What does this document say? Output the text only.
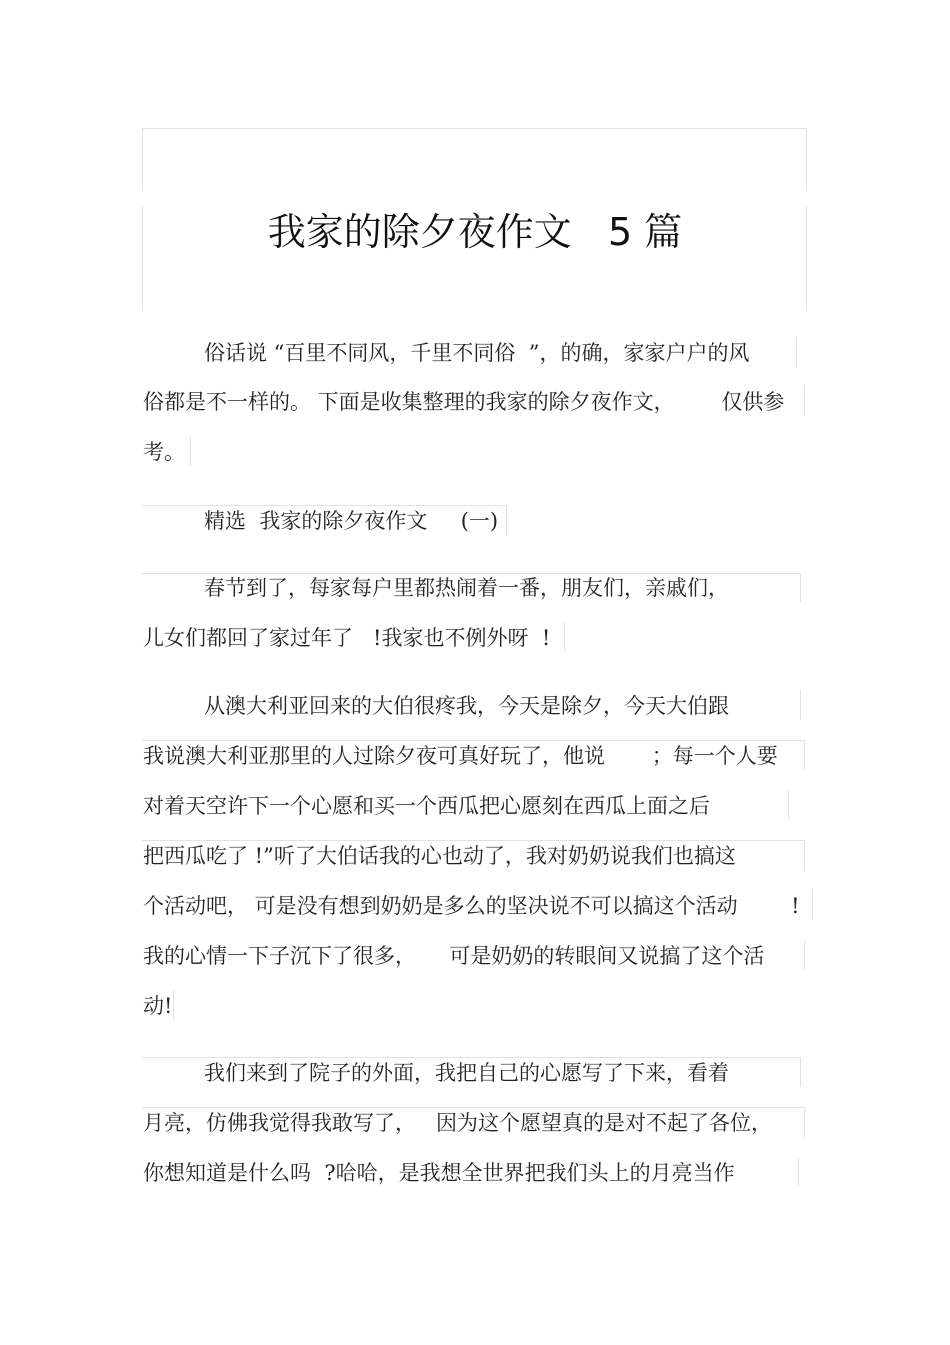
我家的除夕夜作文   5 篇
俗话说 “百里不同风，千里不同俗  ”，的确，家家户户的风
俗都是不一样的。 下面是收集整理的我家的除夕夜作文，       仅供参
考。
精选  我家的除夕夜作文     (一)
春节到了，每家每户里都热闹着一番，朋友们，亲戚们，
儿女们都回了家过年了   !我家也不例外呀  !
从澳大利亚回来的大伯很疼我，今天是除夕，今天大伯跟
我说澳大利亚那里的人过除夕夜可真好玩了，他说       ；每一个人要
对着天空许下一个心愿和买一个西瓜把心愿刻在西瓜上面之后
把西瓜吃了 !”听了大伯话我的心也动了，我对奶奶说我们也搞这
个活动吧， 可是没有想到奶奶是多么的坚决说不可以搞这个活动        !
我的心情一下子沉下了很多，     可是奶奶的转眼间又说搞了这个活
动!
我们来到了院子的外面，我把自己的心愿写了下来，看着
月亮，仿佛我觉得我敢写了，   因为这个愿望真的是对不起了各位，
你想知道是什么吗  ?哈哈，是我想全世界把我们头上的月亮当作
